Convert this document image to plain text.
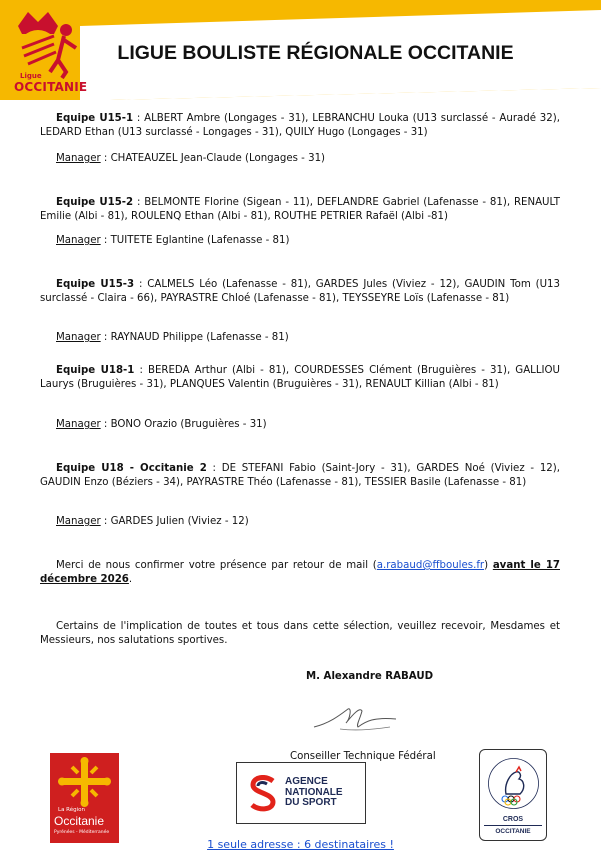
Ligue
OCCITANIE
LIGUE BOULISTE RÉGIONALE OCCITANIE
Equipe U15-1 : ALBERT Ambre (Longages - 31), LEBRANCHU Louka (U13 surclassé - Auradé 32), LEDARD Ethan (U13 surclassé - Longages - 31), QUILY Hugo (Longages - 31)
Manager : CHATEAUZEL Jean-Claude (Longages - 31)
Equipe U15-2 : BELMONTE Florine (Sigean - 11), DEFLANDRE Gabriel (Lafenasse - 81), RENAULT Emilie (Albi - 81), ROULENQ Ethan (Albi - 81), ROUTHE PETRIER Rafaël (Albi -81)
Manager : TUITETE Eglantine (Lafenasse - 81)
Equipe U15-3 : CALMELS Léo (Lafenasse - 81), GARDES Jules (Viviez - 12), GAUDIN Tom (U13 surclassé - Claira - 66), PAYRASTRE Chloé (Lafenasse - 81), TEYSSEYRE Loïs (Lafenasse - 81)
Manager : RAYNAUD Philippe (Lafenasse - 81)
Equipe U18-1 : BEREDA Arthur (Albi - 81), COURDESSES Clément (Bruguières - 31), GALLIOU Laurys (Bruguières - 31), PLANQUES Valentin (Bruguières - 31), RENAULT Killian (Albi - 81)
Manager : BONO Orazio (Bruguières - 31)
Equipe U18 - Occitanie 2 : DE STEFANI Fabio (Saint-Jory - 31), GARDES Noé (Viviez - 12), GAUDIN Enzo (Béziers - 34), PAYRASTRE Théo (Lafenasse - 81), TESSIER Basile (Lafenasse - 81)
Manager : GARDES Julien (Viviez - 12)
Merci de nous confirmer votre présence par retour de mail (a.rabaud@ffboules.fr) avant le 17 décembre 2026.
Certains de l'implication de toutes et tous dans cette sélection, veuillez recevoir, Mesdames et Messieurs, nos salutations sportives.
M. Alexandre RABAUD
Conseiller Technique Fédéral
La Région
Occitanie
Pyrénées - Méditerranée
AGENCE
NATIONALE
DU SPORT
CROS
OCCITANIE
1 seule adresse : 6 destinataires !
